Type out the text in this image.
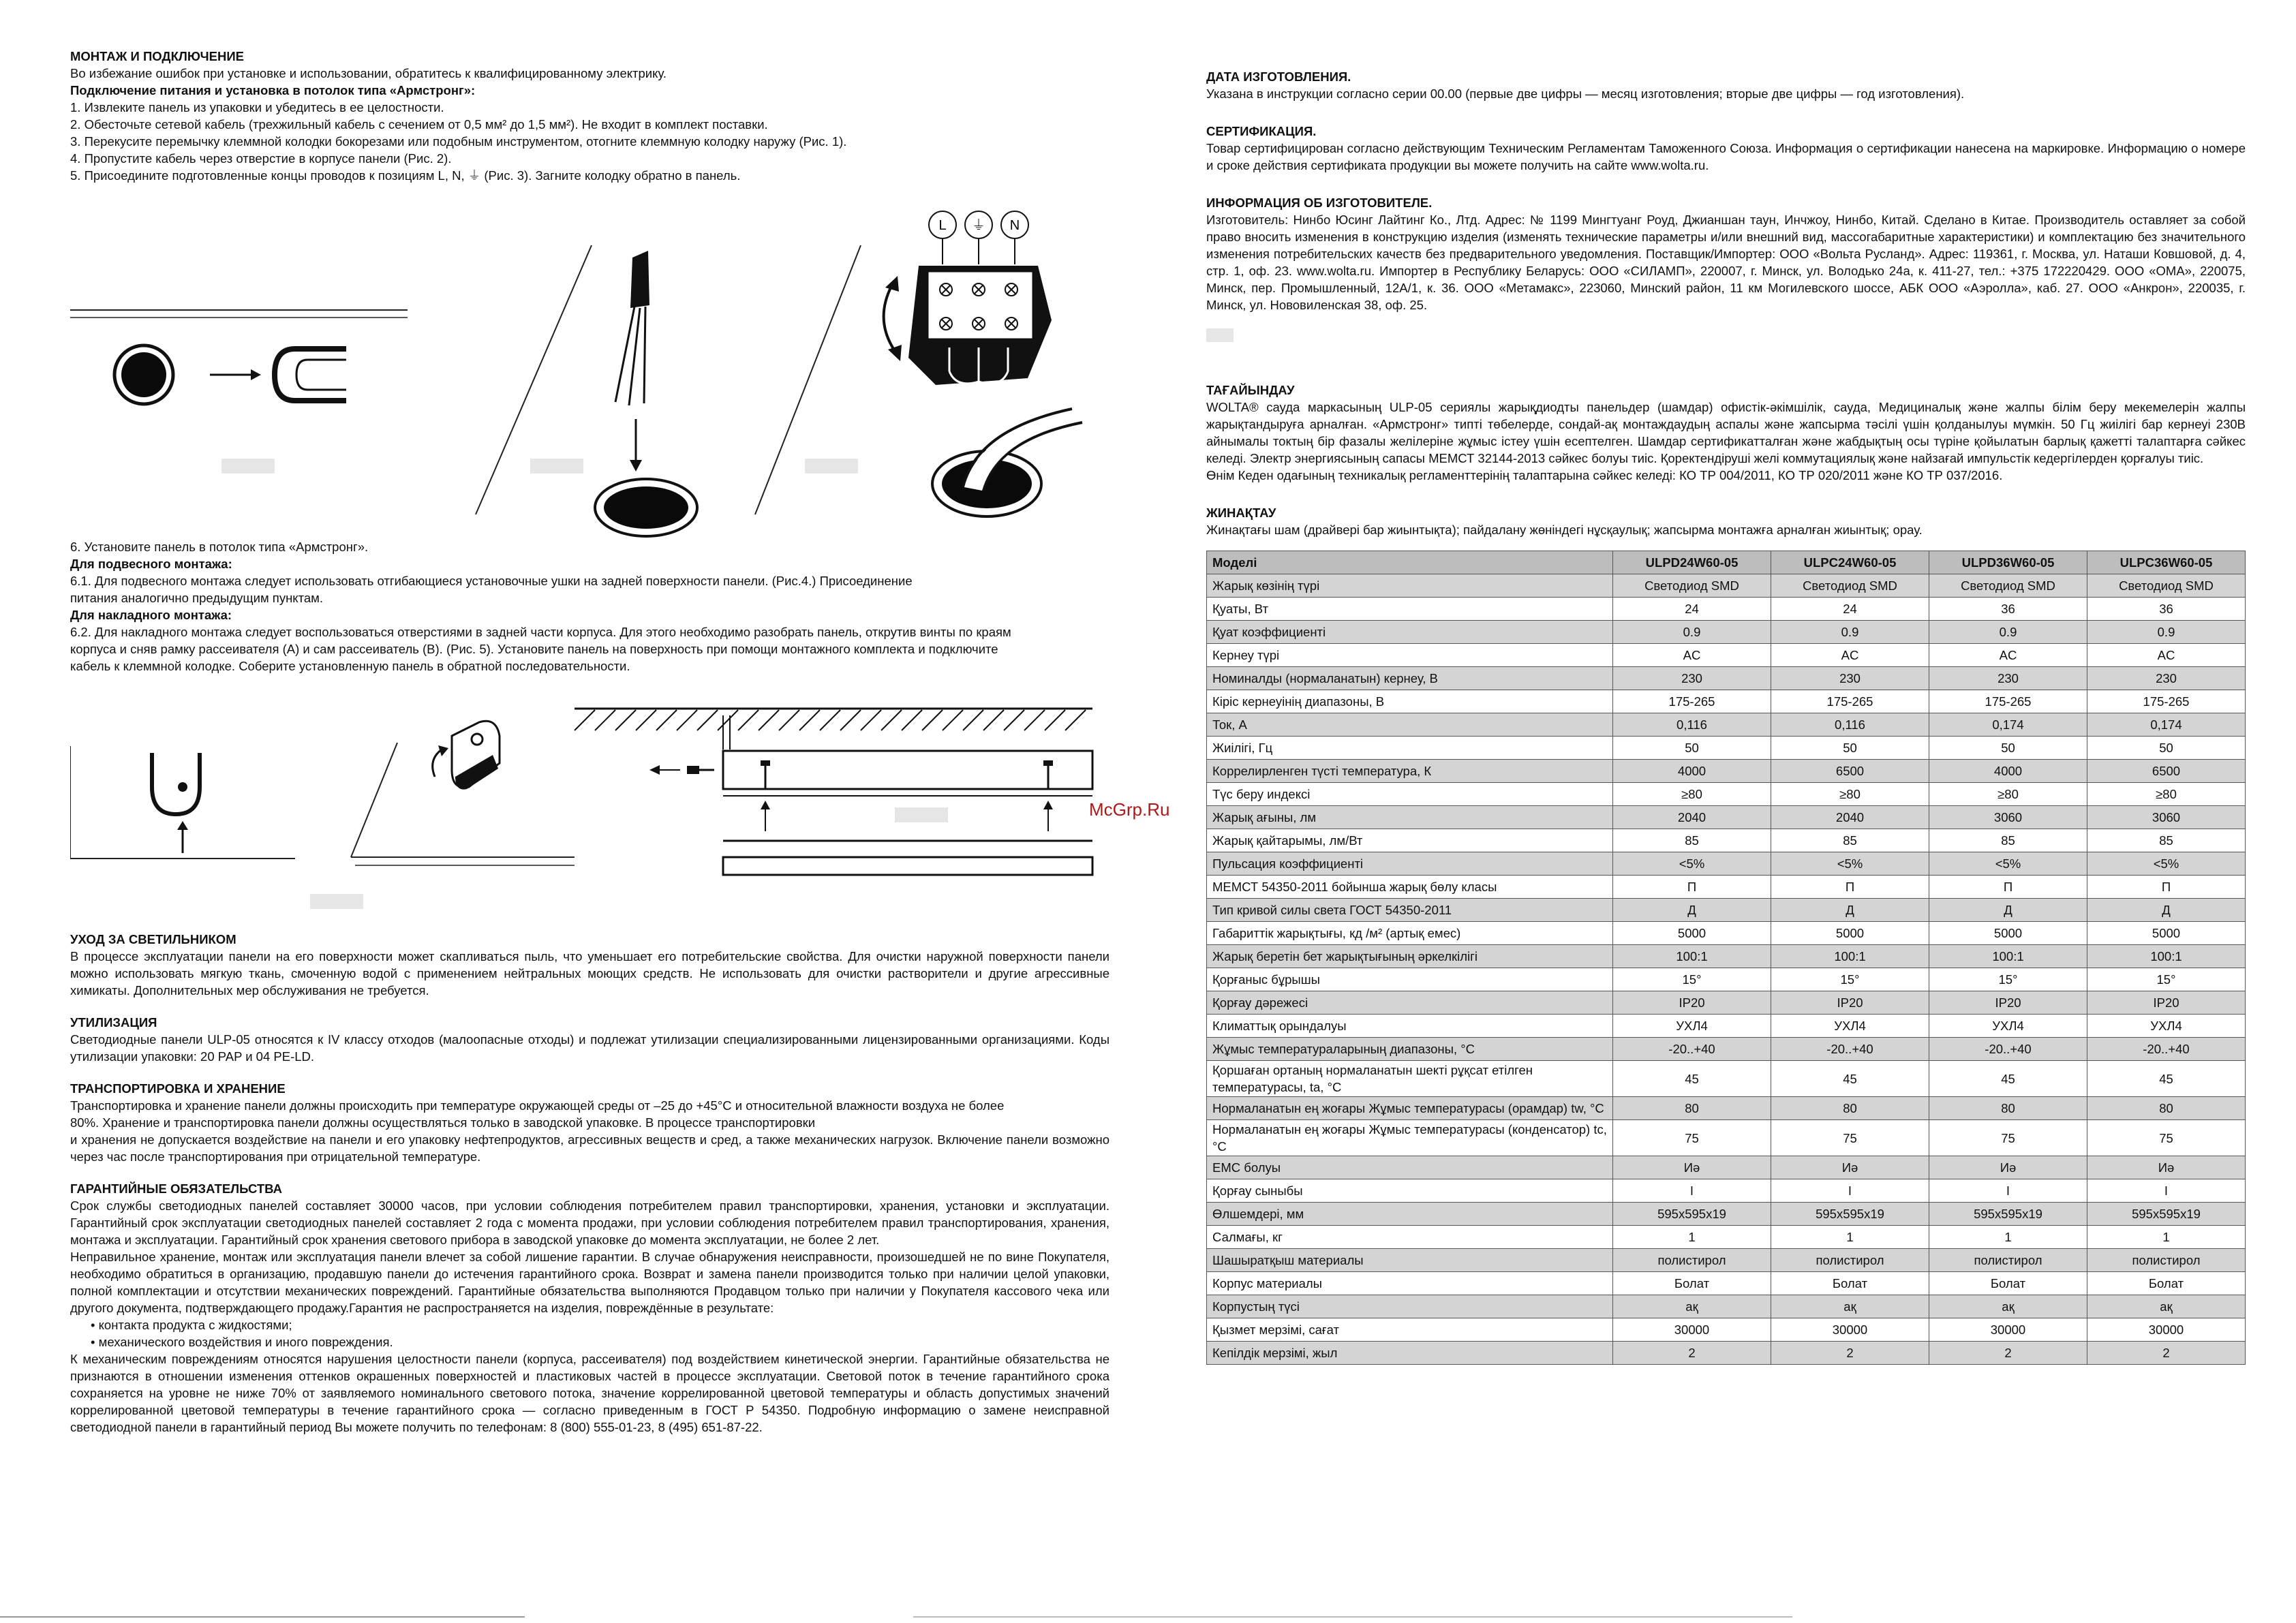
МОНТАЖ И ПОДКЛЮЧЕНИЕ

Во избежание ошибок при установке и использовании, обратитесь к квалифицированному электрику.

Подключение питания и установка в потолок типа «Армстронг»:

1. Извлеките панель из упаковки и убедитесь в ее целостности.

2. Обесточьте сетевой кабель (трехжильный кабель с сечением от 0,5 мм² до 1,5 мм²). Не входит в комплект поставки.

3. Перекусите перемычку клеммной колодки бокорезами или подобным инструментом, отогните клеммную колодку наружу (Рис. 1).

4. Пропустите кабель через отверстие в корпусе панели (Рис. 2).

5. Присоедините подготовленные концы проводов к позициям L, N, ⏚ (Рис. 3). Загните колодку обратно в панель.

L ⏚ N

6. Установите панель в потолок типа «Армстронг».

Для подвесного монтажа:

6.1. Для подвесного монтажа следует использовать отгибающиеся установочные ушки на задней поверхности панели. (Рис.4.) Присоединение

питания аналогично предыдущим пунктам.

Для накладного монтажа:

6.2. Для накладного монтажа следует воспользоваться отверстиями в задней части корпуса. Для этого необходимо разобрать панель, открутив винты по краям

корпуса и сняв рамку рассеивателя (А) и сам рассеиватель (В). (Рис. 5). Установите панель на поверхность при помощи монтажного комплекта и подключите

кабель к клеммной колодке. Соберите установленную панель в обратной последовательности.

УХОД ЗА СВЕТИЛЬНИКОМ

В процессе эксплуатации панели на его поверхности может скапливаться пыль, что уменьшает его потребительские свойства. Для очистки наружной поверхности панели можно использовать мягкую ткань, смоченную водой с применением нейтральных моющих средств. Не использовать для очистки растворители и другие агрессивные химикаты. Дополнительных мер обслуживания не требуется.

УТИЛИЗАЦИЯ

Светодиодные панели ULP-05 относятся к IV классу отходов (малоопасные отходы) и подлежат утилизации специализированными лицензированными организациями. Коды утилизации упаковки: 20 PAP и 04 PE-LD.

ТРАНСПОРТИРОВКА И ХРАНЕНИЕ

Транспортировка и хранение панели должны происходить при температуре окружающей среды от –25 до +45°С и относительной влажности воздуха не более

80%. Хранение и транспортировка панели должны осуществляться только в заводской упаковке. В процессе транспортировки

и хранения не допускается воздействие на панели и его упаковку нефтепродуктов, агрессивных веществ и сред, а также механических нагрузок. Включение панели возможно через час после транспортирования при отрицательной температуре.

ГАРАНТИЙНЫЕ ОБЯЗАТЕЛЬСТВА

Срок службы светодиодных панелей составляет 30000 часов, при условии соблюдения потребителем правил транспортировки, хранения, установки и эксплуатации. Гарантийный срок эксплуатации светодиодных панелей составляет 2 года с момента продажи, при условии соблюдения потребителем правил транспортирования, хранения, монтажа и эксплуатации. Гарантийный срок хранения светового прибора в заводской упаковке до момента эксплуатации, не более 2 лет.

Неправильное хранение, монтаж или эксплуатация панели влечет за собой лишение гарантии. В случае обнаружения неисправности, произошедшей не по вине Покупателя, необходимо обратиться в организацию, продавшую панели до истечения гарантийного срока. Возврат и замена панели производится только при наличии целой упаковки, полной комплектации и отсутствии механических повреждений. Гарантийные обязательства выполняются Продавцом только при наличии у Покупателя кассового чека или другого документа, подтверждающего продажу.Гарантия не распространяется на изделия, повреждённые в результате:

• контакта продукта с жидкостями;

• механического воздействия и иного повреждения.

К механическим повреждениям относятся нарушения целостности панели (корпуса, рассеивателя) под воздействием кинетической энергии. Гарантийные обязательства не признаются в отношении изменения оттенков окрашенных поверхностей и пластиковых частей в процессе эксплуатации. Световой поток в течение гарантийного срока сохраняется на уровне не ниже 70% от заявляемого номинального светового потока, значение коррелированной цветовой температуры и область допустимых значений коррелированной цветовой температуры в течение гарантийного срока — согласно приведенным в ГОСТ Р 54350. Подробную информацию о замене неисправной светодиодной панели в гарантийный период Вы можете получить по телефонам: 8 (800) 555-01-23, 8 (495) 651-87-22.

ДАТА ИЗГОТОВЛЕНИЯ.

Указана в инструкции согласно серии 00.00 (первые две цифры — месяц изготовления; вторые две цифры — год изготовления).

СЕРТИФИКАЦИЯ.

Товар сертифицирован согласно действующим Техническим Регламентам Таможенного Союза. Информация о сертификации нанесена на маркировке. Информацию о номере и сроке действия сертификата продукции вы можете получить на сайте www.wolta.ru.

ИНФОРМАЦИЯ ОБ ИЗГОТОВИТЕЛЕ.

Изготовитель: Нинбо Юсинг Лайтинг Ко., Лтд. Адрес: № 1199 Мингтуанг Роуд, Джианшан таун, Инчжоу, Нинбо, Китай. Сделано в Китае. Производитель оставляет за собой право вносить изменения в конструкцию изделия (изменять технические параметры и/или внешний вид, массогабаритные характеристики) и комплектацию без значительного изменения потребительских качеств без предварительного уведомления. Поставщик/Импортер: ООО «Вольта Русланд». Адрес: 119361, г. Москва, ул. Наташи Ковшовой, д. 4, стр. 1, оф. 23. www.wolta.ru. Импортер в Республику Беларусь: ООО «СИЛАМП», 220007, г. Минск, ул. Володько 24а, к. 411-27, тел.: +375 172220429. ООО «ОМА», 220075, Минск, пер. Промышленный, 12А/1, к. 36. ООО «Метамакс», 223060, Минский район, 11 км Могилевского шоссе, АБК ООО «Аэролла», каб. 27. ООО «Анкрон», 220035, г. Минск, ул. Нововиленская 38, оф. 25.

ТАҒАЙЫНДАУ

WOLTA® сауда маркасының ULP-05 сериялы жарықдиодты панельдер (шамдар) офистік-әкімшілік, сауда, Медициналық және жалпы білім беру мекемелерін жалпы жарықтандыруға арналған. «Армстронг» типті төбелерде, сондай-ақ монтаждаудың аспалы және жапсырма тәсілі үшін қолданылуы мүмкін. 50 Гц жиілігі бар кернеуі 230В айнымалы токтың бір фазалы желілеріне жұмыс істеу үшін есептелген. Шамдар сертификатталған және жабдықтың осы түріне қойылатын барлық қажетті талаптарға сәйкес келеді. Электр энергиясының сапасы МЕМСТ 32144-2013 сәйкес болуы тиіс. Қоректендіруші желі коммутациялық және найзағай импульстік кедергілерден қорғалуы тиіс.

Өнім Кеден одағының техникалық регламенттерінің талаптарына сәйкес келеді: КО ТР 004/2011, КО ТР 020/2011 және КО ТР 037/2016.

ЖИНАҚТАУ

Жинақтағы шам (драйвері бар жиынтықта); пайдалану жөніндегі нұсқаулық; жапсырма монтажға арналған жиынтық; орау.

Моделі	ULPD24W60-05	ULPC24W60-05	ULPD36W60-05	ULPC36W60-05
Жарық көзінің түрі	Светодиод SMD	Светодиод SMD	Светодиод SMD	Светодиод SMD
Қуаты, Вт	24	24	36	36
Қуат коэффициенті	0.9	0.9	0.9	0.9
Кернеу түрі	AC	AC	AC	AC
Номиналды (нормаланатын) кернеу, В	230	230	230	230
Кіріс кернеуінің диапазоны, В	175-265	175-265	175-265	175-265
Ток, А	0,116	0,116	0,174	0,174
Жиілігі, Гц	50	50	50	50
Коррелирленген түсті температура, К	4000	6500	4000	6500
Түс беру индексі	≥80	≥80	≥80	≥80
Жарық ағыны, лм	2040	2040	3060	3060
Жарық қайтарымы, лм/Вт	85	85	85	85
Пульсация коэффициенті	<5%	<5%	<5%	<5%
МЕМСТ 54350-2011 бойынша жарық бөлу класы	П	П	П	П
Тип кривой силы света ГОСТ 54350-2011	Д	Д	Д	Д
Габариттік жарықтығы, кд /м² (артық емес)	5000	5000	5000	5000
Жарық беретін бет жарықтығының әркелкілігі	100:1	100:1	100:1	100:1
Қорғаныс бұрышы	15°	15°	15°	15°
Қорғау дәрежесі	IP20	IP20	IP20	IP20
Климаттық орындалуы	УХЛ4	УХЛ4	УХЛ4	УХЛ4
Жұмыс температураларының диапазоны, °С	-20..+40	-20..+40	-20..+40	-20..+40
Қоршаған ортаның нормаланатын шекті рұқсат етілген температурасы, ta, °С	45	45	45	45
Нормаланатын ең жоғары Жұмыс температурасы (орамдар) tw, °С	80	80	80	80
Нормаланатын ең жоғары Жұмыс температурасы (конденсатор) tc, °С	75	75	75	75
EMC болуы	Иә	Иә	Иә	Иә
Қорғау сыныбы	I	I	I	I
Өлшемдері, мм	595x595x19	595x595x19	595x595x19	595x595x19
Салмағы, кг	1	1	1	1
Шашыратқыш материалы	полистирол	полистирол	полистирол	полистирол
Корпус материалы	Болат	Болат	Болат	Болат
Корпустың түсі	ақ	ақ	ақ	ақ
Қызмет мерзімі, сағат	30000	30000	30000	30000
Кепілдік мерзімі, жыл	2	2	2	2
McGrp.Ru
